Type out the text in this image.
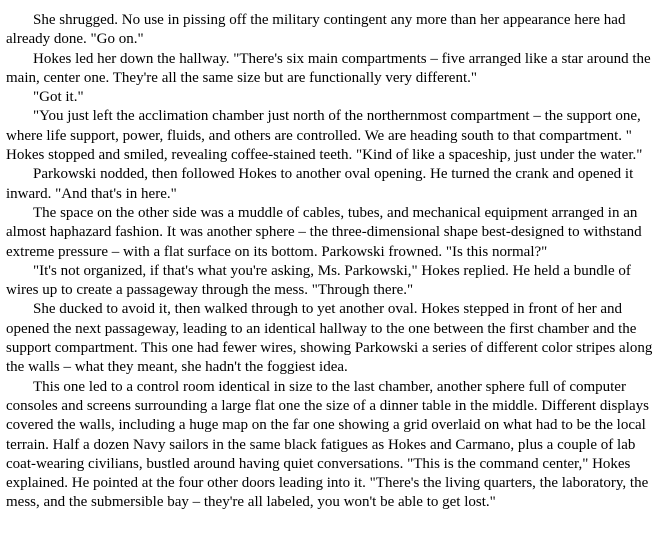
She shrugged. No use in pissing off the military contingent any more than her appearance here had already done. "Go on."

Hokes led her down the hallway. "There's six main compartments – five arranged like a star around the main, center one. They're all the same size but are functionally very different."

"Got it."

"You just left the acclimation chamber just north of the northernmost compartment – the support one, where life support, power, fluids, and others are controlled. We are heading south to that compartment. " Hokes stopped and smiled, revealing coffee-stained teeth. "Kind of like a spaceship, just under the water."

Parkowski nodded, then followed Hokes to another oval opening. He turned the crank and opened it inward. "And that's in here."

The space on the other side was a muddle of cables, tubes, and mechanical equipment arranged in an almost haphazard fashion. It was another sphere – the three-dimensional shape best-designed to withstand extreme pressure – with a flat surface on its bottom. Parkowski frowned. "Is this normal?"

"It's not organized, if that's what you're asking, Ms. Parkowski," Hokes replied. He held a bundle of wires up to create a passageway through the mess. "Through there."

She ducked to avoid it, then walked through to yet another oval. Hokes stepped in front of her and opened the next passageway, leading to an identical hallway to the one between the first chamber and the support compartment. This one had fewer wires, showing Parkowski a series of different color stripes along the walls – what they meant, she hadn't the foggiest idea.

This one led to a control room identical in size to the last chamber, another sphere full of computer consoles and screens surrounding a large flat one the size of a dinner table in the middle. Different displays covered the walls, including a huge map on the far one showing a grid overlaid on what had to be the local terrain. Half a dozen Navy sailors in the same black fatigues as Hokes and Carmano, plus a couple of lab coat-wearing civilians, bustled around having quiet conversations. "This is the command center," Hokes explained. He pointed at the four other doors leading into it. "There's the living quarters, the laboratory, the mess, and the submersible bay – they're all labeled, you won't be able to get lost."
